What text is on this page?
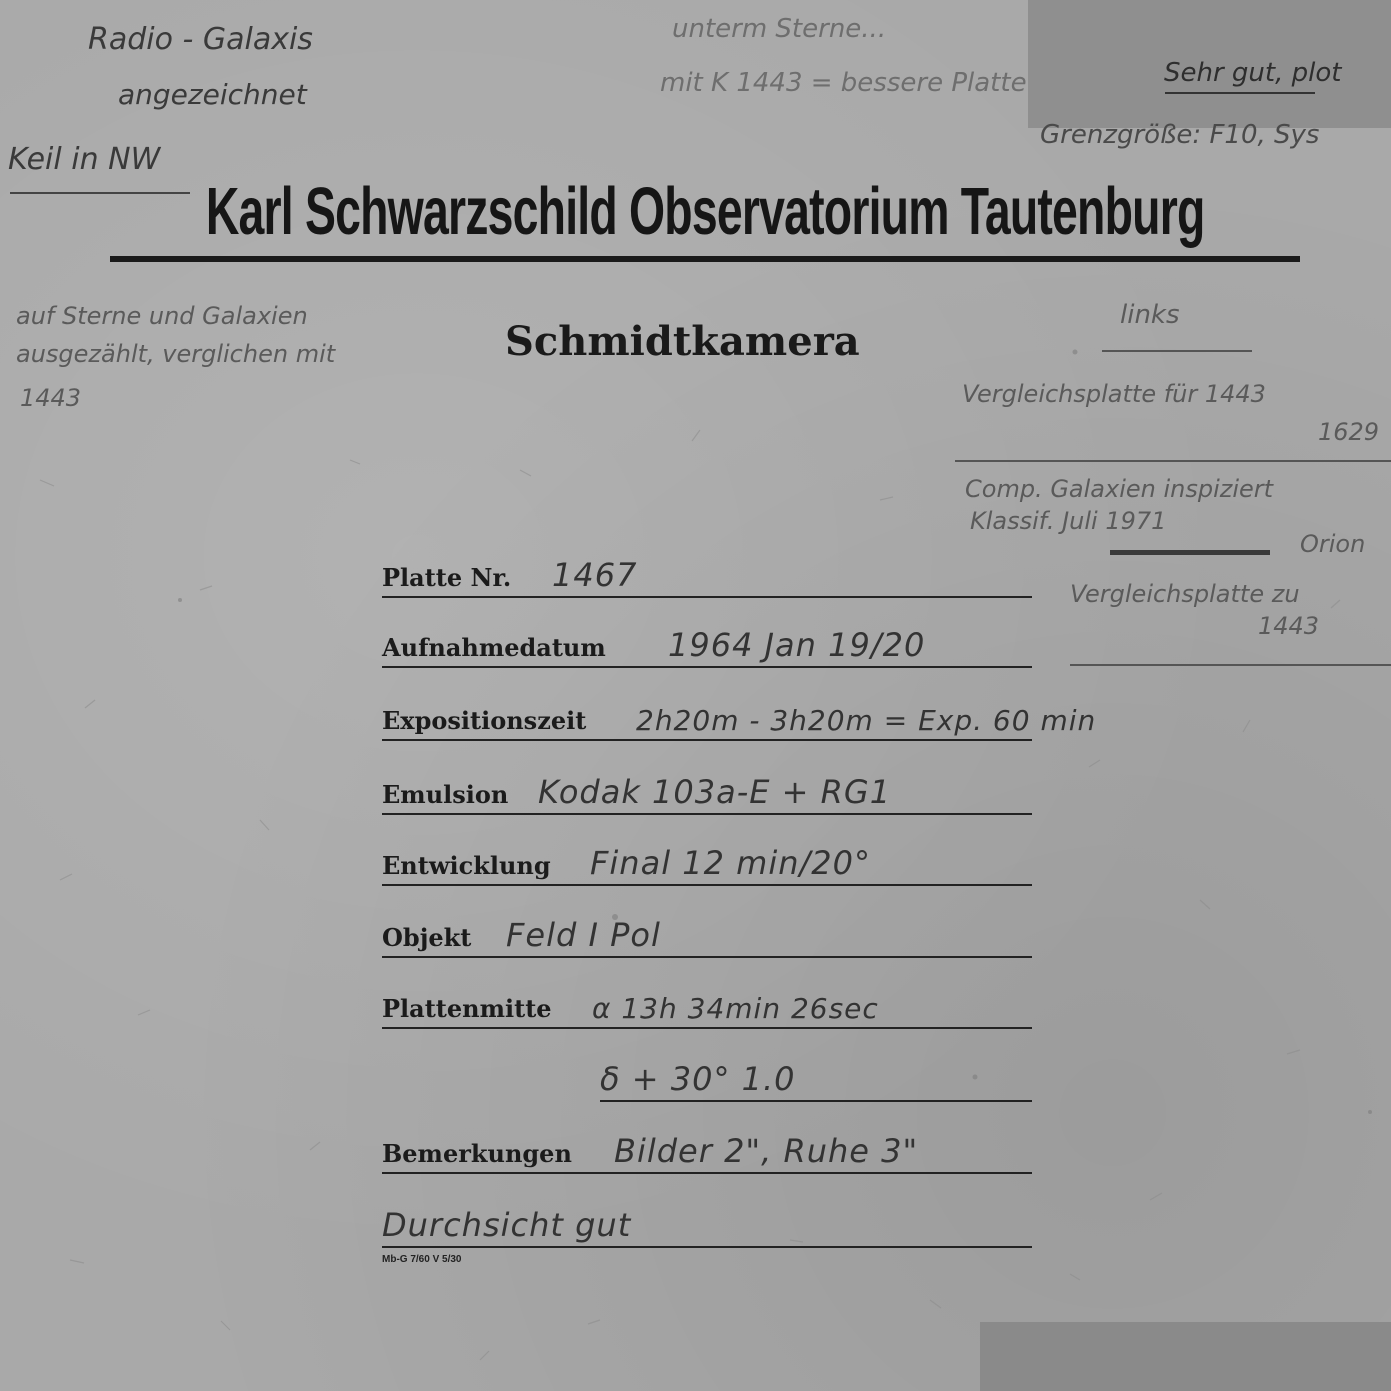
Karl Schwarzschild Observatorium Tautenburg
Schmidtkamera
Platte Nr. 1467
Aufnahmedatum 1964 Jan 19/20
Expositionszeit 2h20m - 3h20m = Exp. 60 min
Emulsion Kodak 103a-E + RG1
Entwicklung Final 12 min/20°
Objekt Feld I Pol
Plattenmitte α 13h 34min 26sec
δ + 30° 1.0
Bemerkungen Bilder 2", Ruhe 3"
Durchsicht gut
Mb-G 7/60 V 5/30
Radio - Galaxis
angezeichnet
Keil in NW
unterm Sterne...
mit K 1443 = bessere Platte	Sehr gut, plot
Grenzgröße: F10, Sys
auf Sterne und Galaxien
ausgezählt, verglichen mit
1443
links
Vergleichsplatte für 1443
1629
Comp. Galaxien inspiziert
Klassif. Juli 1971
Orion
Vergleichsplatte zu
1443
